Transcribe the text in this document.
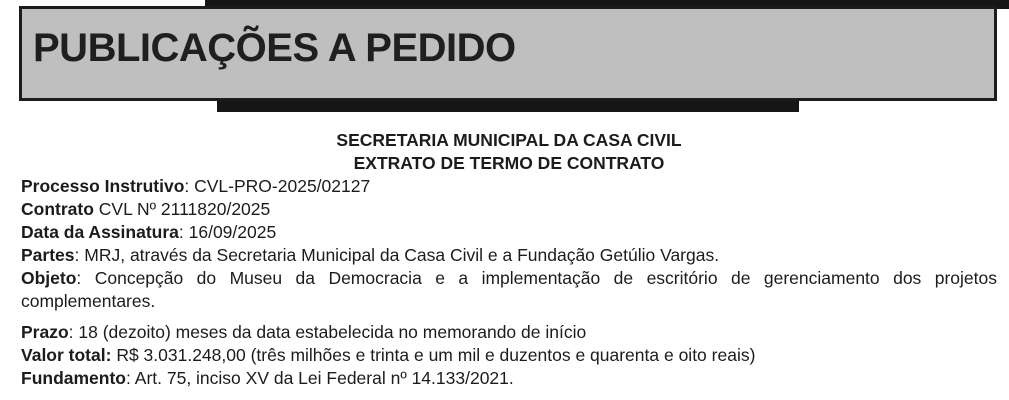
PUBLICAÇÕES A PEDIDO
SECRETARIA MUNICIPAL DA CASA CIVIL
EXTRATO DE TERMO DE CONTRATO
Processo Instrutivo: CVL-PRO-2025/02127
Contrato CVL Nº 2111820/2025
Data da Assinatura: 16/09/2025
Partes: MRJ, através da Secretaria Municipal da Casa Civil e a Fundação Getúlio Vargas.
Objeto: Concepção do Museu da Democracia e a implementação de escritório de gerenciamento dos projetos complementares.
Prazo: 18 (dezoito) meses da data estabelecida no memorando de início
Valor total: R$ 3.031.248,00 (três milhões e trinta e um mil e duzentos e quarenta e oito reais)
Fundamento: Art. 75, inciso XV da Lei Federal nº 14.133/2021.
